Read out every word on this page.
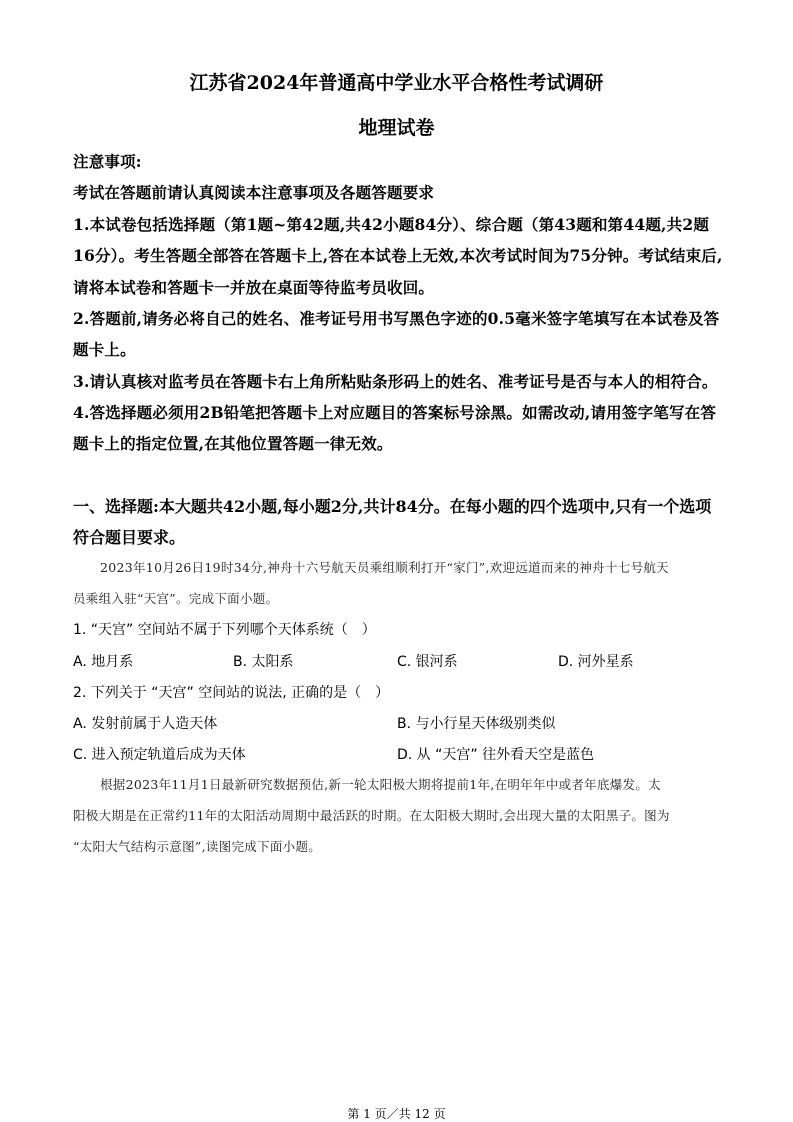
江苏省2024年普通高中学业水平合格性考试调研
地理试卷
注意事项:
考试在答题前请认真阅读本注意事项及各题答题要求
1.本试卷包括选择题（第1题~第42题,共42小题84分）、综合题（第43题和第44题,共2题
16分）。考生答题全部答在答题卡上,答在本试卷上无效,本次考试时间为75分钟。考试结束后,
请将本试卷和答题卡一并放在桌面等待监考员收回。
2.答题前,请务必将自己的姓名、准考证号用书写黑色字迹的0.5毫米签字笔填写在本试卷及答
题卡上。
3.请认真核对监考员在答题卡右上角所粘贴条形码上的姓名、准考证号是否与本人的相符合。
4.答选择题必须用2B铅笔把答题卡上对应题目的答案标号涂黑。如需改动,请用签字笔写在答
题卡上的指定位置,在其他位置答题一律无效。
一、选择题:本大题共42小题,每小题2分,共计84分。在每小题的四个选项中,只有一个选项
符合题目要求。
2023年10月26日19时34分,神舟十六号航天员乘组顺利打开“家门”,欢迎远道而来的神舟十七号航天
员乘组入驻“天宫”。完成下面小题。
1. “天宫” 空间站不属于下列哪个天体系统（　）
A. 地月系	B. 太阳系	C. 银河系	D. 河外星系
2. 下列关于 “天宫” 空间站的说法, 正确的是（　）
A. 发射前属于人造天体	B. 与小行星天体级别类似
C. 进入预定轨道后成为天体	D. 从 “天宫” 往外看天空是蓝色
根据2023年11月1日最新研究数据预估,新一轮太阳极大期将提前1年,在明年年中或者年底爆发。太
阳极大期是在正常约11年的太阳活动周期中最活跃的时期。在太阳极大期时,会出现大量的太阳黑子。图为
“太阳大气结构示意图”,读图完成下面小题。
第 1 页／共 12 页
